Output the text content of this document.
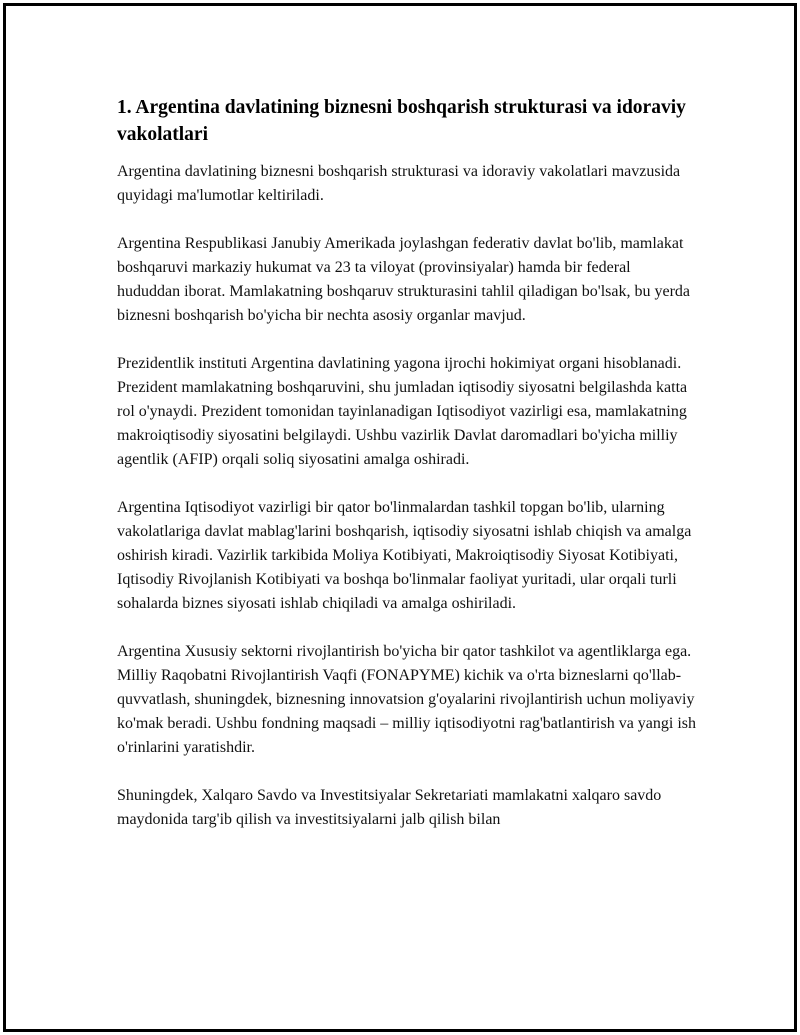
1. Argentina davlatining biznesni boshqarish strukturasi va idoraviy vakolatlari

Argentina davlatining biznesni boshqarish strukturasi va idoraviy vakolatlari mavzusida quyidagi ma'lumotlar keltiriladi.

Argentina Respublikasi Janubiy Amerikada joylashgan federativ davlat bo'lib, mamlakat boshqaruvi markaziy hukumat va 23 ta viloyat (provinsiyalar) hamda bir federal hududdan iborat. Mamlakatning boshqaruv strukturasini tahlil qiladigan bo'lsak, bu yerda biznesni boshqarish bo'yicha bir nechta asosiy organlar mavjud.

Prezidentlik instituti Argentina davlatining yagona ijrochi hokimiyat organi hisoblanadi. Prezident mamlakatning boshqaruvini, shu jumladan iqtisodiy siyosatni belgilashda katta rol o'ynaydi. Prezident tomonidan tayinlanadigan Iqtisodiyot vazirligi esa, mamlakatning makroiqtisodiy siyosatini belgilaydi. Ushbu vazirlik Davlat daromadlari bo'yicha milliy agentlik (AFIP) orqali soliq siyosatini amalga oshiradi.

Argentina Iqtisodiyot vazirligi bir qator bo'linmalardan tashkil topgan bo'lib, ularning vakolatlariga davlat mablag'larini boshqarish, iqtisodiy siyosatni ishlab chiqish va amalga oshirish kiradi. Vazirlik tarkibida Moliya Kotibiyati, Makroiqtisodiy Siyosat Kotibiyati, Iqtisodiy Rivojlanish Kotibiyati va boshqa bo'linmalar faoliyat yuritadi, ular orqali turli sohalarda biznes siyosati ishlab chiqiladi va amalga oshiriladi.

Argentina Xususiy sektorni rivojlantirish bo'yicha bir qator tashkilot va agentliklarga ega. Milliy Raqobatni Rivojlantirish Vaqfi (FONAPYME) kichik va o'rta bizneslarni qo'llab-quvvatlash, shuningdek, biznesning innovatsion g'oyalarini rivojlantirish uchun moliyaviy ko'mak beradi. Ushbu fondning maqsadi – milliy iqtisodiyotni rag'batlantirish va yangi ish o'rinlarini yaratishdir.

Shuningdek, Xalqaro Savdo va Investitsiyalar Sekretariati mamlakatni xalqaro savdo maydonida targ'ib qilish va investitsiyalarni jalb qilish bilan
